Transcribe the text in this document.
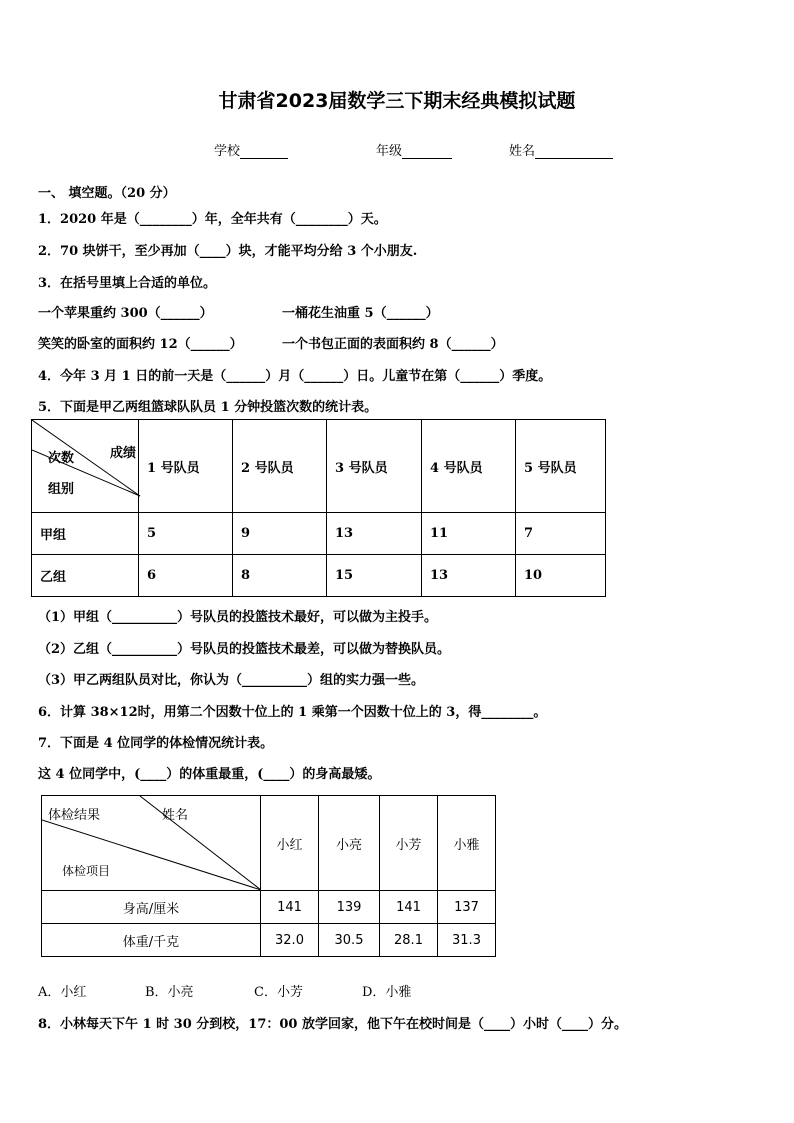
甘肃省2023届数学三下期末经典模拟试题
学校	年级	姓名
一、 填空题。（20 分）
1．2020 年是（________）年，全年共有（________）天。
2．70 块饼干，至少再加（____）块，才能平均分给 3 个小朋友.
3．在括号里填上合适的单位。
一个苹果重约 300（______）	一桶花生油重 5（______）
笑笑的卧室的面积约 12（______）	一个书包正面的表面积约 8（______）
4．今年 3 月 1 日的前一天是（______）月（______）日。儿童节在第（______）季度。
5．下面是甲乙两组篮球队队员 1 分钟投篮次数的统计表。
成绩
次数
组别	1 号队员	2 号队员	3 号队员	4 号队员	5 号队员
甲组	5	9	13	11	7
乙组	6	8	15	13	10
（1）甲组（__________）号队员的投篮技术最好，可以做为主投手。
（2）乙组（__________）号队员的投篮技术最差，可以做为替换队员。
（3）甲乙两组队员对比，你认为（__________）组的实力强一些。
6．计算 38×12时，用第二个因数十位上的 1 乘第一个因数十位上的 3，得________。
7．下面是 4 位同学的体检情况统计表。
这 4 位同学中，(____）的体重最重，(____）的身高最矮。
体检结果 姓名
体检项目	小红	小亮	小芳	小雅
身高/厘米	141	139	141	137
体重/千克	32.0	30.5	28.1	31.3
A．小红	B．小亮	C．小芳	D．小雅
8．小林每天下午 1 时 30 分到校，17：00 放学回家，他下午在校时间是（____）小时（____）分。
